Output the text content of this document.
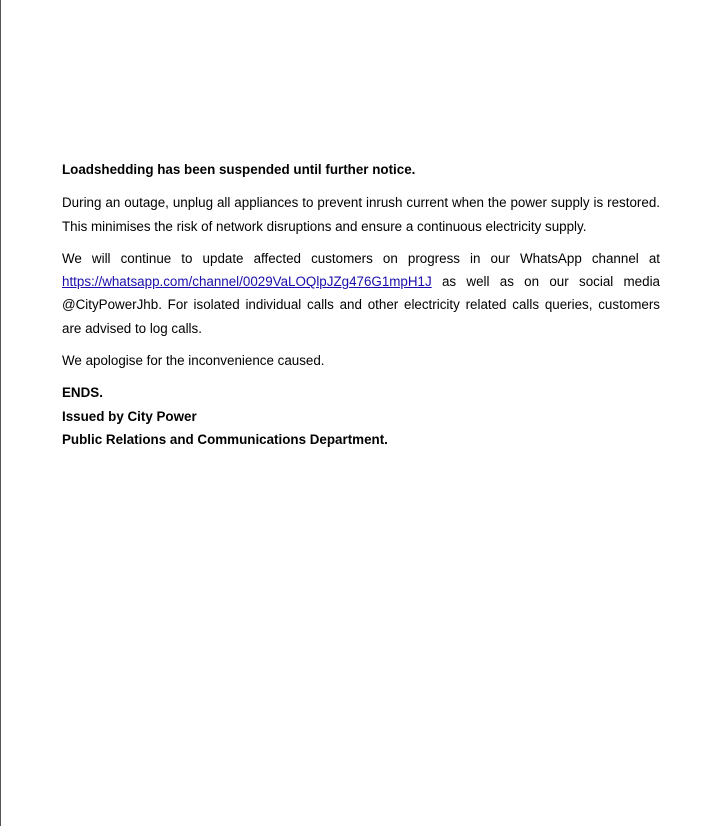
Loadshedding has been suspended until further notice.

During an outage, unplug all appliances to prevent inrush current when the power supply is restored. This minimises the risk of network disruptions and ensure a continuous electricity supply.

We will continue to update affected customers on progress in our WhatsApp channel at https://whatsapp.com/channel/0029VaLOQlpJZg476G1mpH1J as well as on our social media @CityPowerJhb. For isolated individual calls and other electricity related calls queries, customers are advised to log calls.

We apologise for the inconvenience caused.

ENDS.

Issued by City Power

Public Relations and Communications Department.
